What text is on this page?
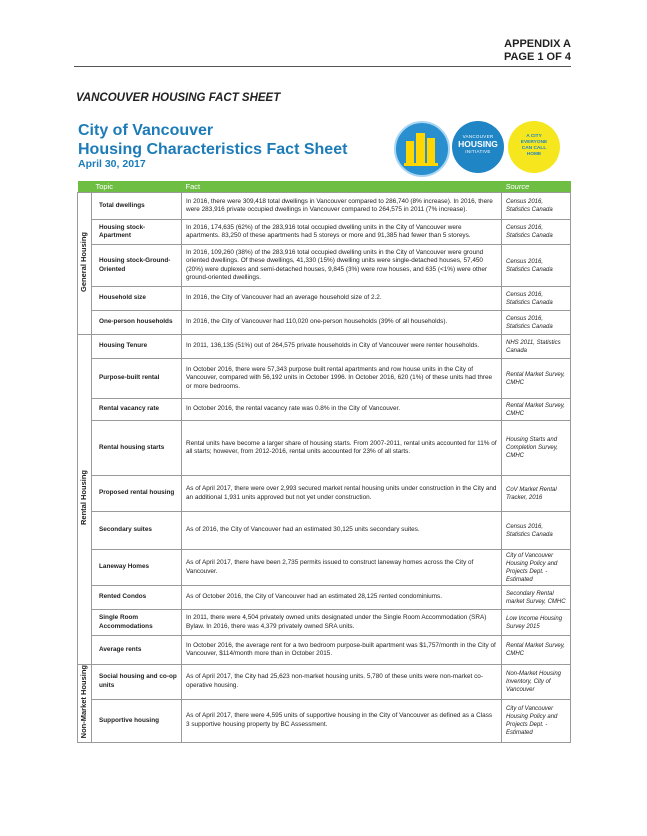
APPENDIX A
PAGE 1 OF 4
VANCOUVER HOUSING FACT SHEET
City of Vancouver
Housing Characteristics Fact Sheet
April 30, 2017
VANCOUVER
HOUSING
INITIATIVE
A CITY
EVERYONE
CAN CALL
HOME
	Topic	Fact	Source
General Housing	Total dwellings	In 2016, there were 309,418 total dwellings in Vancouver compared to 286,740 (8% increase). In 2016, there were 283,916 private occupied dwellings in Vancouver compared to 264,575 in 2011 (7% increase).	Census 2016, Statistics Canada
	Housing stock-Apartment	In 2016, 174,635 (62%) of the 283,916 total occupied dwelling units in the City of Vancouver were apartments. 83,250 of these apartments had 5 storeys or more and 91,385 had fewer than 5 storeys.	Census 2016, Statistics Canada
	Housing stock-Ground-Oriented	In 2016, 109,260 (38%) of the 283,916 total occupied dwelling units in the City of Vancouver were ground oriented dwellings. Of these dwellings, 41,330 (15%) dwelling units were single-detached houses, 57,450 (20%) were duplexes and semi-detached houses, 9,845 (3%) were row houses, and 635 (<1%) were other ground-oriented dwellings.	Census 2016, Statistics Canada
	Household size	In 2016, the City of Vancouver had an average household size of 2.2.	Census 2016, Statistics Canada
	One-person households	In 2016, the City of Vancouver had 110,020 one-person households (39% of all households).	Census 2016, Statistics Canada
Rental Housing	Housing Tenure	In 2011, 136,135 (51%) out of 264,575 private households in City of Vancouver were renter households.	NHS 2011, Statistics Canada
	Purpose-built rental	In October 2016, there were 57,343 purpose built rental apartments and row house units in the City of Vancouver, compared with 56,192 units in October 1996. In October 2016, 620 (1%) of these units had three or more bedrooms.	Rental Market Survey, CMHC
	Rental vacancy rate	In October 2016, the rental vacancy rate was 0.8% in the City of Vancouver.	Rental Market Survey, CMHC
	Rental housing starts	Rental units have become a larger share of housing starts. From 2007-2011, rental units accounted for 11% of all starts; however, from 2012-2016, rental units accounted for 23% of all starts.	Housing Starts and Completion Survey, CMHC
	Proposed rental housing	As of April 2017, there were over 2,993 secured market rental housing units under construction in the City and an additional 1,931 units approved but not yet under construction.	CoV Market Rental Tracker, 2016
	Secondary suites	As of 2016, the City of Vancouver had an estimated 30,125 units secondary suites.	Census 2016, Statistics Canada
	Laneway Homes	As of April 2017, there have been 2,735 permits issued to construct laneway homes across the City of Vancouver.	City of Vancouver Housing Policy and Projects Dept. - Estimated
	Rented Condos	As of October 2016, the City of Vancouver had an estimated 28,125 rented condominiums.	Secondary Rental market Survey, CMHC
	Single Room Accommodations	In 2011, there were 4,504 privately owned units designated under the Single Room Accommodation (SRA) Bylaw. In 2016, there was 4,379 privately owned SRA units.	Low Income Housing Survey 2015
	Average rents	In October 2016, the average rent for a two bedroom purpose-built apartment was $1,757/month in the City of Vancouver, $114/month more than in October 2015.	Rental Market Survey, CMHC
Non-Market Housing	Social housing and co-op units	As of April 2017, the City had 25,623 non-market housing units. 5,780 of these units were non-market co-operative housing.	Non-Market Housing Inventory, City of Vancouver
	Supportive housing	As of April 2017, there were 4,595 units of supportive housing in the City of Vancouver as defined as a Class 3 supportive housing property by BC Assessment.	City of Vancouver Housing Policy and Projects Dept. - Estimated
